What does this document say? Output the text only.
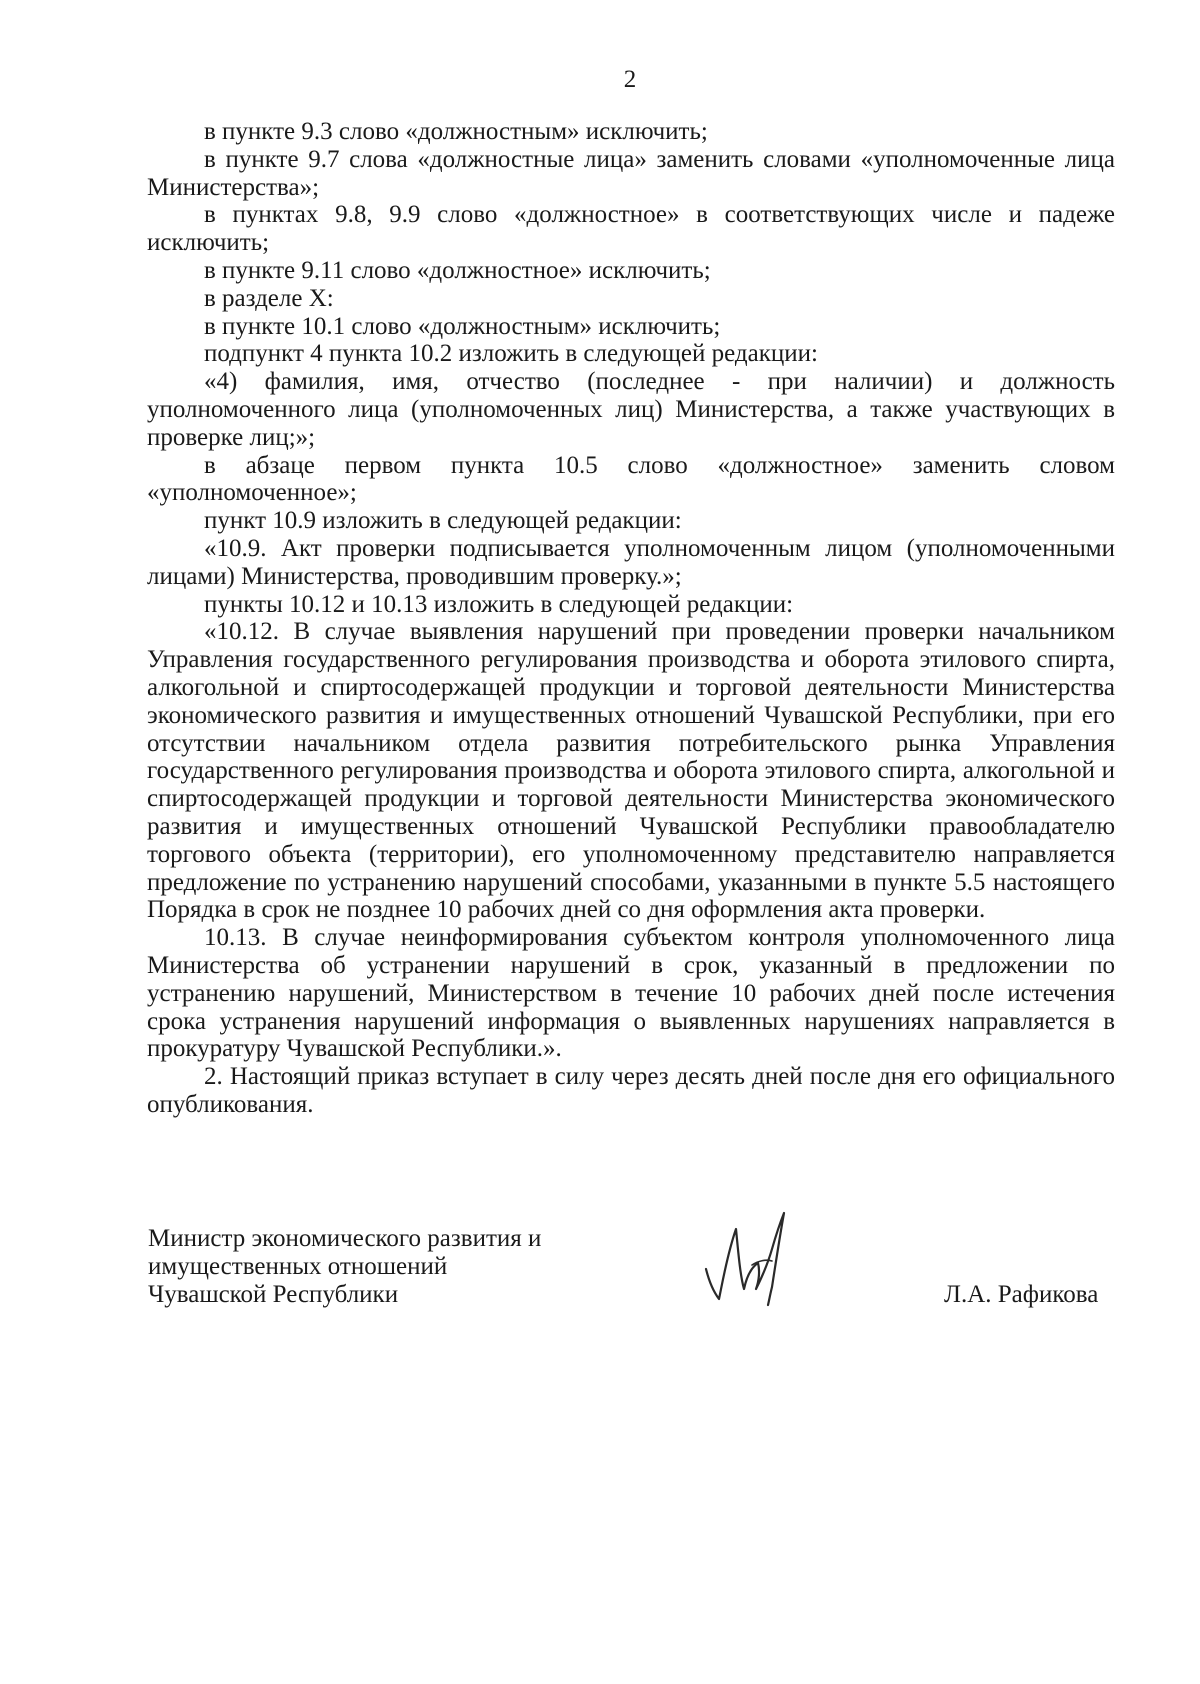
2

в пункте 9.3 слово «должностным» исключить;

в пункте 9.7 слова «должностные лица» заменить словами «уполномоченные лица Министерства»;

в пунктах 9.8, 9.9 слово «должностное» в соответствующих числе и падеже исключить;

в пункте 9.11 слово «должностное» исключить;

в разделе X:

в пункте 10.1 слово «должностным» исключить;

подпункт 4 пункта 10.2 изложить в следующей редакции:

«4) фамилия, имя, отчество (последнее - при наличии) и должность уполномоченного лица (уполномоченных лиц) Министерства, а также участвующих в проверке лиц;»;

в абзаце первом пункта 10.5 слово «должностное» заменить словом «уполномоченное»;

пункт 10.9 изложить в следующей редакции:

«10.9. Акт проверки подписывается уполномоченным лицом (уполномоченными лицами) Министерства, проводившим проверку.»;

пункты 10.12 и 10.13 изложить в следующей редакции:

«10.12. В случае выявления нарушений при проведении проверки начальником Управления государственного регулирования производства и оборота этилового спирта, алкогольной и спиртосодержащей продукции и торговой деятельности Министерства экономического развития и имущественных отношений Чувашской Республики, при его отсутствии начальником отдела развития потребительского рынка Управления государственного регулирования производства и оборота этилового спирта, алкогольной и спиртосодержащей продукции и торговой деятельности Министерства экономического развития и имущественных отношений Чувашской Республики правообладателю торгового объекта (территории), его уполномоченному представителю направляется предложение по устранению нарушений способами, указанными в пункте 5.5 настоящего Порядка в срок не позднее 10 рабочих дней со дня оформления акта проверки.

10.13. В случае неинформирования субъектом контроля уполномоченного лица Министерства об устранении нарушений в срок, указанный в предложении по устранению нарушений, Министерством в течение 10 рабочих дней после истечения срока устранения нарушений информация о выявленных нарушениях направляется в прокуратуру Чувашской Республики.».

2. Настоящий приказ вступает в силу через десять дней после дня его официального опубликования.

Министр экономического развития и
имущественных отношений
Чувашской Республики	Л.А. Рафикова
